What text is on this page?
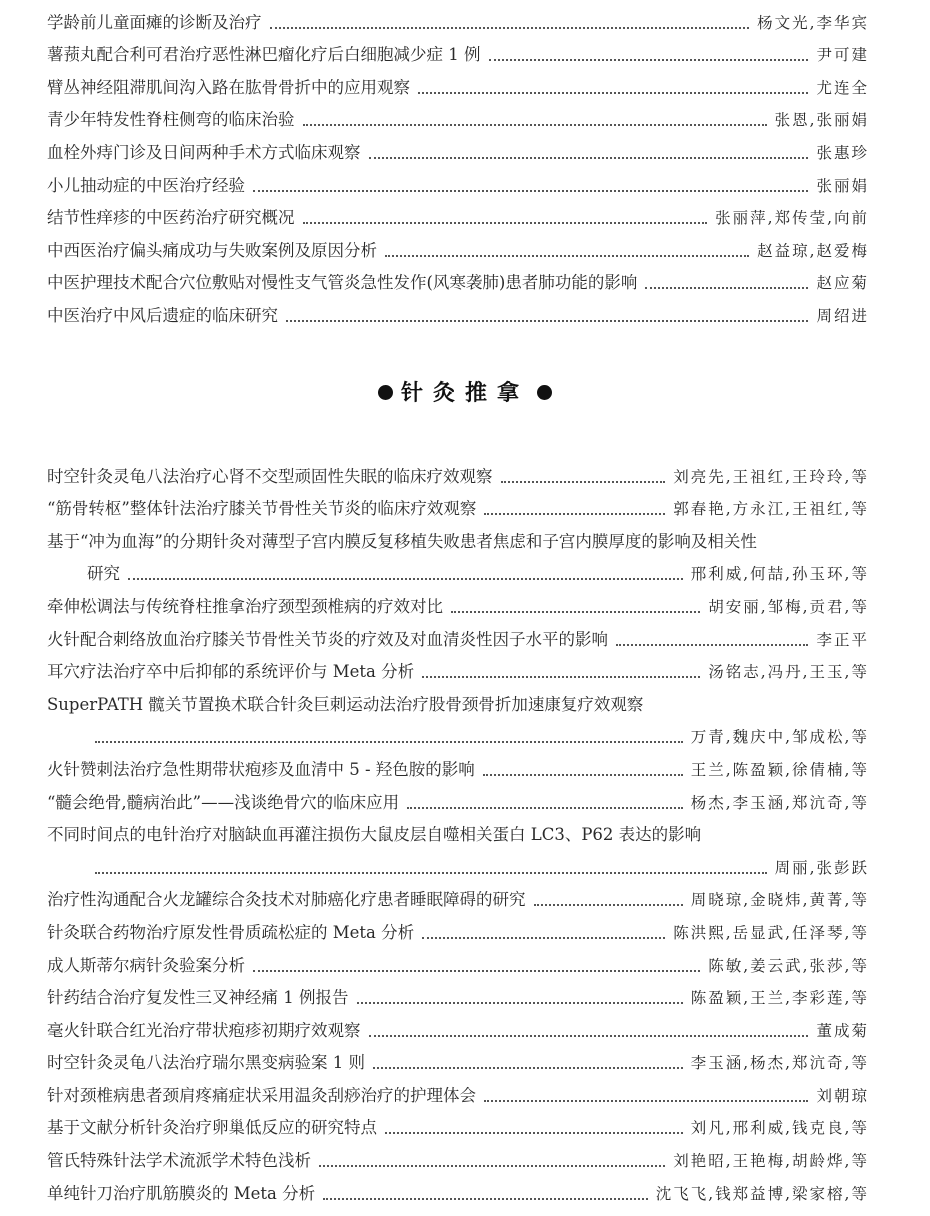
学龄前儿童面瘫的诊断及治疗	杨文光,李华宾
薯蓣丸配合利可君治疗恶性淋巴瘤化疗后白细胞减少症 1 例	尹可建
臂丛神经阻滞肌间沟入路在肱骨骨折中的应用观察	尤连全
青少年特发性脊柱侧弯的临床治验	张恩,张丽娟
血栓外痔门诊及日间两种手术方式临床观察	张惠珍
小儿抽动症的中医治疗经验	张丽娟
结节性痒疹的中医药治疗研究概况	张丽萍,郑传莹,向前
中西医治疗偏头痛成功与失败案例及原因分析	赵益琼,赵爱梅
中医护理技术配合穴位敷贴对慢性支气管炎急性发作(风寒袭肺)患者肺功能的影响	赵应菊
中医治疗中风后遗症的临床研究	周绍进
针灸推拿
时空针灸灵龟八法治疗心肾不交型顽固性失眠的临床疗效观察	刘亮先,王祖红,王玲玲,等
“筋骨转枢”整体针法治疗膝关节骨性关节炎的临床疗效观察	郭春艳,方永江,王祖红,等
基于“冲为血海”的分期针灸对薄型子宫内膜反复移植失败患者焦虑和子宫内膜厚度的影响及相关性
研究	邢利威,何喆,孙玉环,等
牵伸松调法与传统脊柱推拿治疗颈型颈椎病的疗效对比	胡安丽,邹梅,贡君,等
火针配合刺络放血治疗膝关节骨性关节炎的疗效及对血清炎性因子水平的影响	李正平
耳穴疗法治疗卒中后抑郁的系统评价与 Meta 分析	汤铭志,冯丹,王玉,等
SuperPATH 髋关节置换术联合针灸巨刺运动法治疗股骨颈骨折加速康复疗效观察
万青,魏庆中,邹成松,等
火针赞刺法治疗急性期带状疱疹及血清中 5 - 羟色胺的影响	王兰,陈盈颖,徐倩楠,等
“髓会绝骨,髓病治此”——浅谈绝骨穴的临床应用	杨杰,李玉涵,郑沆奇,等
不同时间点的电针治疗对脑缺血再灌注损伤大鼠皮层自噬相关蛋白 LC3、P62 表达的影响
周丽,张彭跃
治疗性沟通配合火龙罐综合灸技术对肺癌化疗患者睡眠障碍的研究	周晓琼,金晓炜,黄菁,等
针灸联合药物治疗原发性骨质疏松症的 Meta 分析	陈洪熙,岳显武,任泽琴,等
成人斯蒂尔病针灸验案分析	陈敏,姜云武,张莎,等
针药结合治疗复发性三叉神经痛 1 例报告	陈盈颖,王兰,李彩莲,等
毫火针联合红光治疗带状疱疹初期疗效观察	董成菊
时空针灸灵龟八法治疗瑞尔黑变病验案 1 则	李玉涵,杨杰,郑沆奇,等
针对颈椎病患者颈肩疼痛症状采用温灸刮痧治疗的护理体会	刘朝琼
基于文献分析针灸治疗卵巢低反应的研究特点	刘凡,邢利威,钱克良,等
管氏特殊针法学术流派学术特色浅析	刘艳昭,王艳梅,胡龄烨,等
单纯针刀治疗肌筋膜炎的 Meta 分析	沈飞飞,钱郑益博,梁家榕,等
